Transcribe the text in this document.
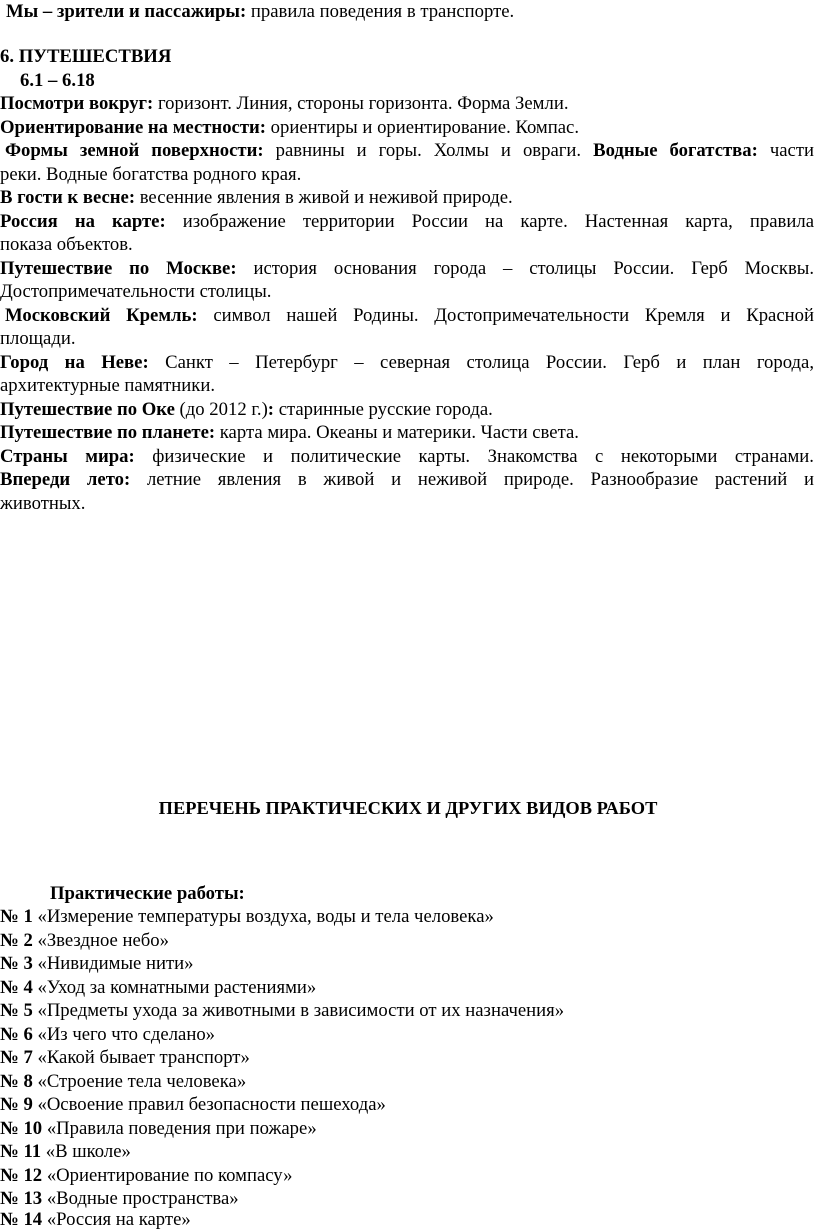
Мы – зрители и пассажиры: правила поведения в транспорте.
6. ПУТЕШЕСТВИЯ
6.1 – 6.18
Посмотри вокруг: горизонт. Линия, стороны горизонта. Форма Земли.
Ориентирование на местности: ориентиры и ориентирование. Компас.
Формы земной поверхности: равнины и горы. Холмы и овраги. Водные богатства: части
реки. Водные богатства родного края.
В гости к весне: весенние явления в живой и неживой природе.
Россия на карте: изображение территории России на карте. Настенная карта, правила
показа объектов.
Путешествие по Москве: история основания города – столицы России. Герб Москвы.
Достопримечательности столицы.
Московский Кремль: символ нашей Родины. Достопримечательности Кремля и Красной
площади.
Город на Неве: Санкт – Петербург – северная столица России. Герб и план города,
архитектурные памятники.
Путешествие по Оке (до 2012 г.): старинные русские города.
Путешествие по планете: карта мира. Океаны и материки. Части света.
Страны мира: физические и политические карты. Знакомства с некоторыми странами.
Впереди лето: летние явления в живой и неживой природе. Разнообразие растений и
животных.
ПЕРЕЧЕНЬ ПРАКТИЧЕСКИХ И ДРУГИХ ВИДОВ РАБОТ
Практические работы:
№ 1 «Измерение температуры воздуха, воды и тела человека»
№ 2 «Звездное небо»
№ 3 «Нивидимые нити»
№ 4 «Уход за комнатными растениями»
№ 5 «Предметы ухода за животными в зависимости от их назначения»
№ 6 «Из чего что сделано»
№ 7 «Какой бывает транспорт»
№ 8 «Строение тела человека»
№ 9 «Освоение правил безопасности пешехода»
№ 10 «Правила поведения при пожаре»
№ 11 «В школе»
№ 12 «Ориентирование по компасу»
№ 13 «Водные пространства»
№ 14 «Россия на карте»
